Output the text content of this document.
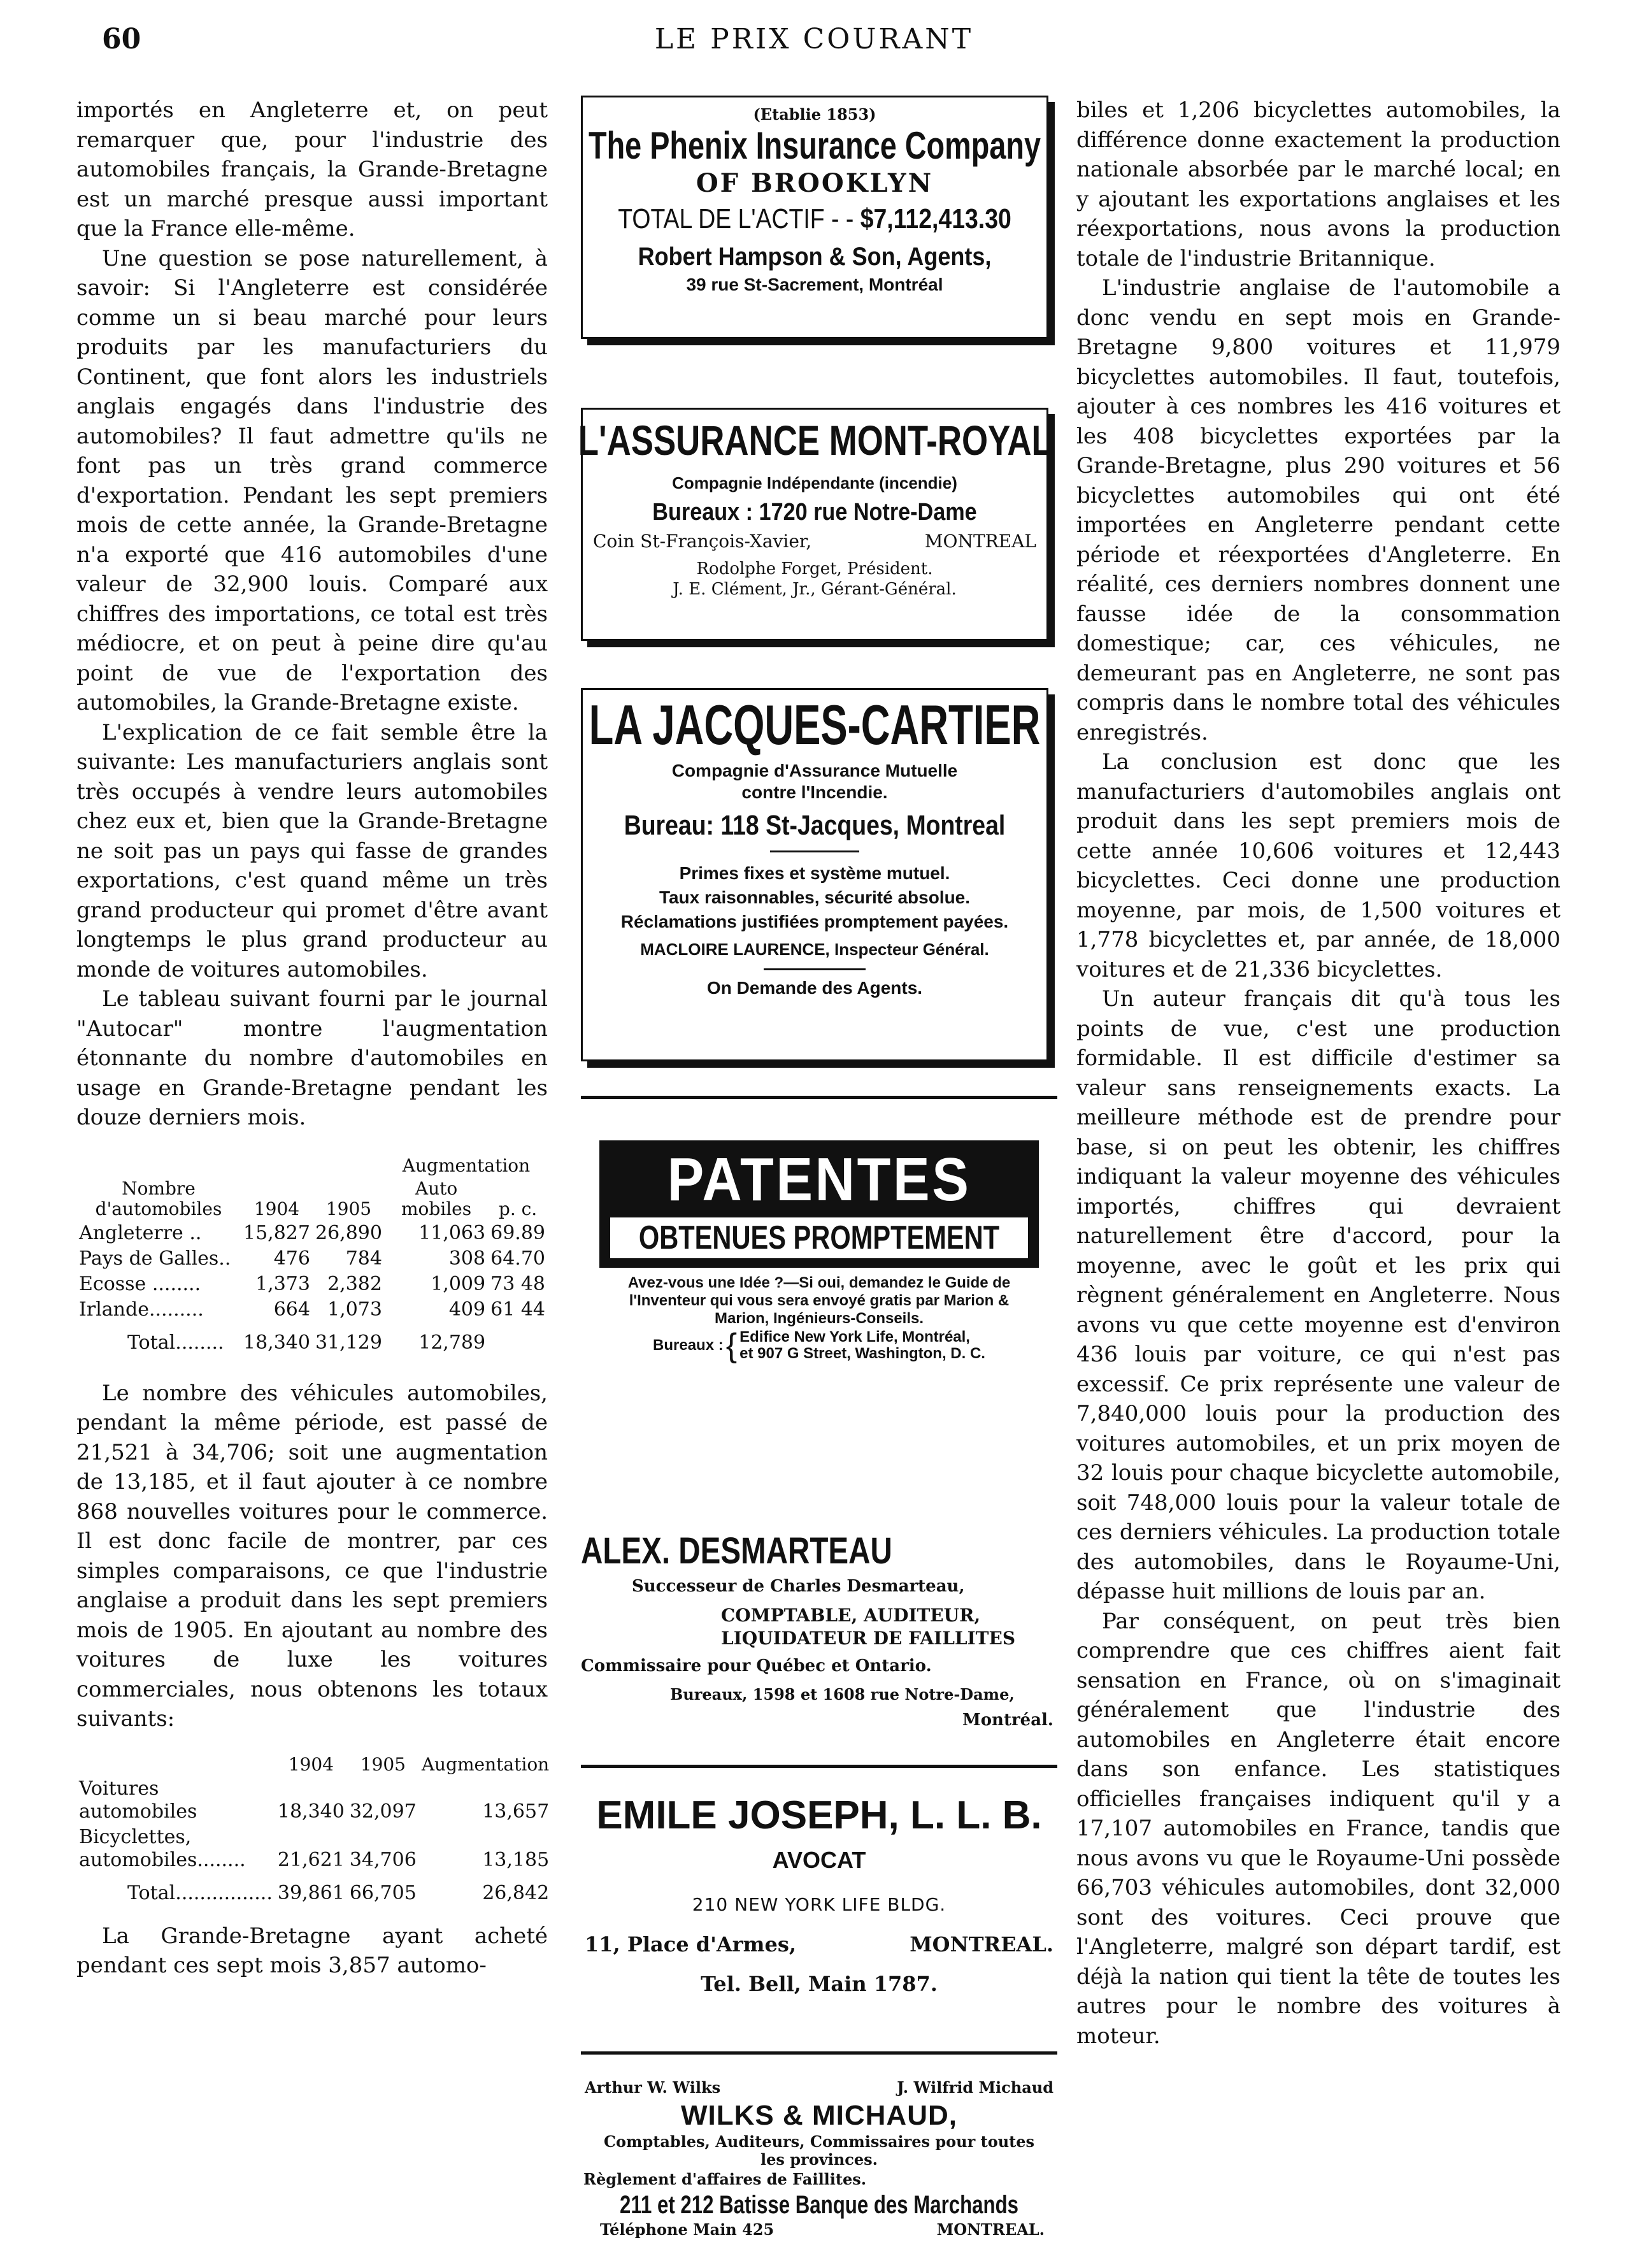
60	LE PRIX COURANT

importés en Angleterre et, on peut remarquer que, pour l'industrie des automobiles français, la Grande-Bretagne est un marché presque aussi important que la France elle-même.

Une question se pose naturellement, à savoir: Si l'Angleterre est considérée comme un si beau marché pour leurs produits par les manufacturiers du Continent, que font alors les industriels anglais engagés dans l'industrie des automobiles? Il faut admettre qu'ils ne font pas un très grand commerce d'exportation. Pendant les sept premiers mois de cette année, la Grande-Bretagne n'a exporté que 416 automobiles d'une valeur de 32,900 louis. Comparé aux chiffres des importations, ce total est très médiocre, et on peut à peine dire qu'au point de vue de l'exportation des automobiles, la Grande-Bretagne existe.

L'explication de ce fait semble être la suivante: Les manufacturiers anglais sont très occupés à vendre leurs automobiles chez eux et, bien que la Grande-Bretagne ne soit pas un pays qui fasse de grandes exportations, c'est quand même un très grand producteur qui promet d'être avant longtemps le plus grand producteur au monde de voitures automobiles.

Le tableau suivant fourni par le journal "Autocar" montre l'augmentation étonnante du nombre d'automobiles en usage en Grande-Bretagne pendant les douze derniers mois.

			Augmentation	
Nombre d'automobiles	1904	1905	Auto mobiles	p. c.
Angleterre ..	15,827	26,890	11,063	69.89
Pays de Galles..	476	784	308	64.70
Ecosse ........	1,373	2,382	1,009	73 48
Irlande.........	664	1,073	409	61 44
Total........	18,340	31,129	12,789	

Le nombre des véhicules automobiles, pendant la même période, est passé de 21,521 à 34,706; soit une augmentation de 13,185, et il faut ajouter à ce nombre 868 nouvelles voitures pour le commerce. Il est donc facile de montrer, par ces simples comparaisons, ce que l'industrie anglaise a produit dans les sept premiers mois de 1905. En ajoutant au nombre des voitures de luxe les voitures commerciales, nous obtenons les totaux suivants:

	1904	1905	Augmentation
Voitures automobiles	18,340	32,097	13,657
Bicyclettes, automobiles........	21,621	34,706	13,185
Total................	39,861	66,705	26,842

La Grande-Bretagne ayant acheté pendant ces sept mois 3,857 automo-

(Etablie 1853)
The Phenix Insurance Company
OF BROOKLYN
TOTAL DE L'ACTIF - - $7,112,413.30
Robert Hampson & Son, Agents,
39 rue St-Sacrement, Montréal
L'ASSURANCE MONT-ROYAL
Compagnie Indépendante (incendie)
Bureaux : 1720 rue Notre-Dame
Coin St-François-Xavier,	MONTREAL
Rodolphe Forget, Président.
J. E. Clément, Jr., Gérant-Général.
LA JACQUES-CARTIER
Compagnie d'Assurance Mutuelle contre l'Incendie.
Bureau: 118 St-Jacques, Montreal
Primes fixes et système mutuel.
Taux raisonnables, sécurité absolue.
Réclamations justifiées promptement payées.
MACLOIRE LAURENCE, Inspecteur Général.
On Demande des Agents.
PATENTES
OBTENUES PROMPTEMENT
Avez-vous une Idée ?—Si oui, demandez le Guide de l'Inventeur qui vous sera envoyé gratis par Marion & Marion, Ingénieurs-Conseils.
Bureaux : { Edifice New York Life, Montréal,
et 907 G Street, Washington, D. C.
ALEX. DESMARTEAU
Successeur de Charles Desmarteau,
COMPTABLE, AUDITEUR,
LIQUIDATEUR DE FAILLITES
Commissaire pour Québec et Ontario.
Bureaux, 1598 et 1608 rue Notre-Dame,
Montréal.
EMILE JOSEPH, L. L. B.
AVOCAT
210 NEW YORK LIFE BLDG.
11, Place d'Armes,	MONTREAL.
Tel. Bell, Main 1787.
Arthur W. Wilks	J. Wilfrid Michaud
WILKS & MICHAUD,
Comptables, Auditeurs, Commissaires pour toutes les provinces.
Règlement d'affaires de Faillites.
211 et 212 Batisse Banque des Marchands
Téléphone Main 425	MONTREAL.

biles et 1,206 bicyclettes automobiles, la différence donne exactement la production nationale absorbée par le marché local; en y ajoutant les exportations anglaises et les réexportations, nous avons la production totale de l'industrie Britannique.

L'industrie anglaise de l'automobile a donc vendu en sept mois en Grande-Bretagne 9,800 voitures et 11,979 bicyclettes automobiles. Il faut, toutefois, ajouter à ces nombres les 416 voitures et les 408 bicyclettes exportées par la Grande-Bretagne, plus 290 voitures et 56 bicyclettes automobiles qui ont été importées en Angleterre pendant cette période et réexportées d'Angleterre. En réalité, ces derniers nombres donnent une fausse idée de la consommation domestique; car, ces véhicules, ne demeurant pas en Angleterre, ne sont pas compris dans le nombre total des véhicules enregistrés.

La conclusion est donc que les manufacturiers d'automobiles anglais ont produit dans les sept premiers mois de cette année 10,606 voitures et 12,443 bicyclettes. Ceci donne une production moyenne, par mois, de 1,500 voitures et 1,778 bicyclettes et, par année, de 18,000 voitures et de 21,336 bicyclettes.

Un auteur français dit qu'à tous les points de vue, c'est une production formidable. Il est difficile d'estimer sa valeur sans renseignements exacts. La meilleure méthode est de prendre pour base, si on peut les obtenir, les chiffres indiquant la valeur moyenne des véhicules importés, chiffres qui devraient naturellement être d'accord, pour la moyenne, avec le goût et les prix qui règnent généralement en Angleterre. Nous avons vu que cette moyenne est d'environ 436 louis par voiture, ce qui n'est pas excessif. Ce prix représente une valeur de 7,840,000 louis pour la production des voitures automobiles, et un prix moyen de 32 louis pour chaque bicyclette automobile, soit 748,000 louis pour la valeur totale de ces derniers véhicules. La production totale des automobiles, dans le Royaume-Uni, dépasse huit millions de louis par an.

Par conséquent, on peut très bien comprendre que ces chiffres aient fait sensation en France, où on s'imaginait généralement que l'industrie des automobiles en Angleterre était encore dans son enfance. Les statistiques officielles françaises indiquent qu'il y a 17,107 automobiles en France, tandis que nous avons vu que le Royaume-Uni possède 66,703 véhicules automobiles, dont 32,000 sont des voitures. Ceci prouve que l'Angleterre, malgré son départ tardif, est déjà la nation qui tient la tête de toutes les autres pour le nombre des voitures à moteur.
